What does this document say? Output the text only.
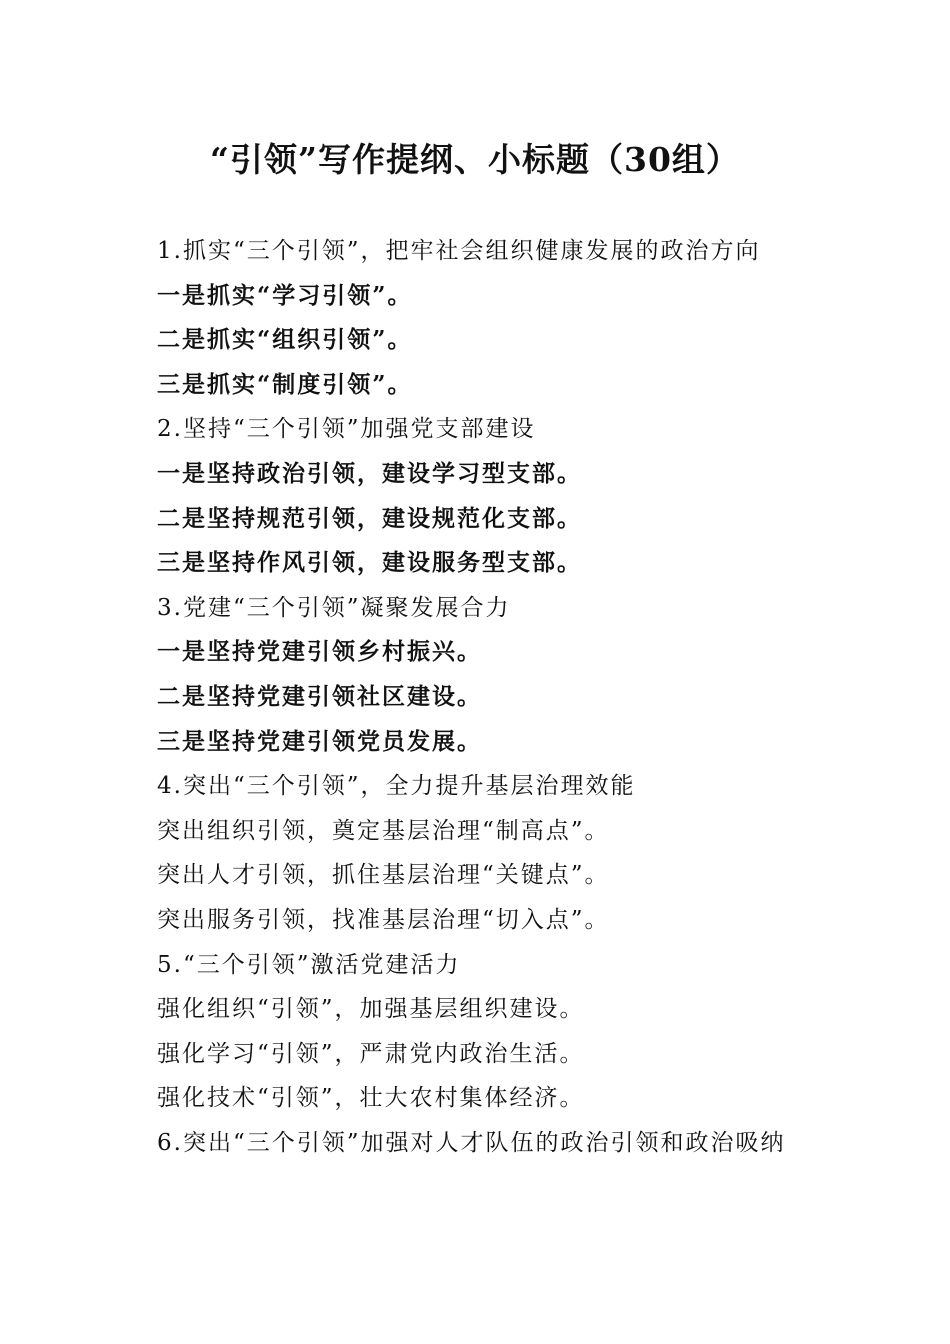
“引领”写作提纲、小标题（30组）
1.抓实“三个引领”，把牢社会组织健康发展的政治方向
一是抓实“学习引领”。
二是抓实“组织引领”。
三是抓实“制度引领”。
2.坚持“三个引领”加强党支部建设
一是坚持政治引领，建设学习型支部。
二是坚持规范引领，建设规范化支部。
三是坚持作风引领，建设服务型支部。
3.党建“三个引领”凝聚发展合力
一是坚持党建引领乡村振兴。
二是坚持党建引领社区建设。
三是坚持党建引领党员发展。
4.突出“三个引领”，全力提升基层治理效能
突出组织引领，奠定基层治理“制高点”。
突出人才引领，抓住基层治理“关键点”。
突出服务引领，找准基层治理“切入点”。
5.“三个引领”激活党建活力
强化组织“引领”，加强基层组织建设。
强化学习“引领”，严肃党内政治生活。
强化技术“引领”，壮大农村集体经济。
6.突出“三个引领”加强对人才队伍的政治引领和政治吸纳
